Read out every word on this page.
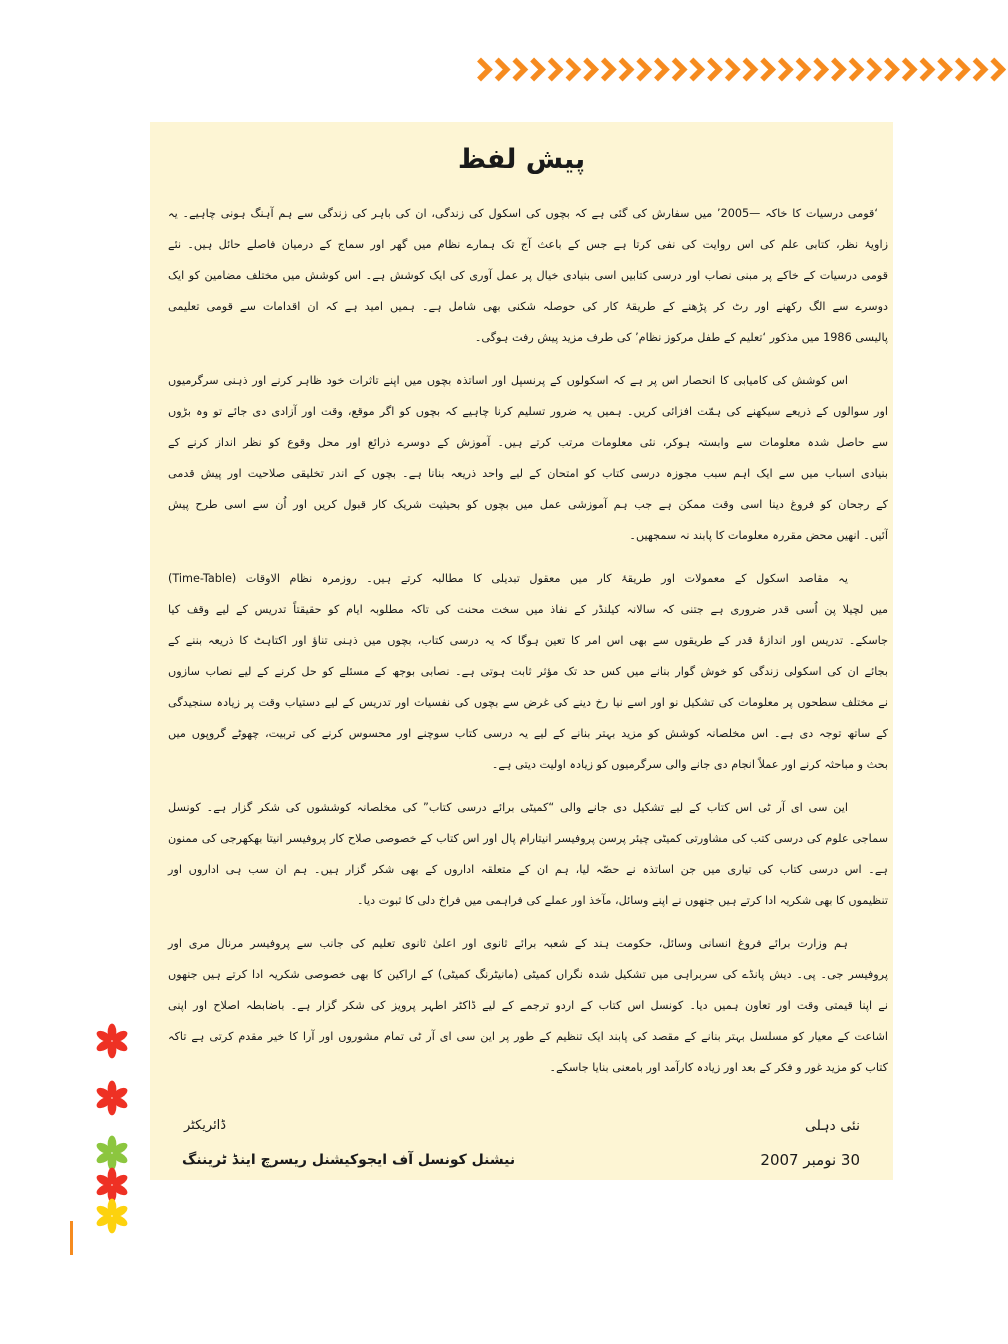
پیش لفظ
‘قومی درسیات کا خاکہ —2005’ میں سفارش کی گئی ہے کہ بچوں کی اسکول کی زندگی، ان کی باہر کی زندگی سے ہم آہنگ ہونی چاہیے۔ یہ
زاویۂ نظر، کتابی علم کی اس روایت کی نفی کرتا ہے جس کے باعث آج تک ہمارے نظام میں گھر اور سماج کے درمیان فاصلے حائل ہیں۔ نئے
قومی درسیات کے خاکے پر مبنی نصاب اور درسی کتابیں اسی بنیادی خیال پر عمل آوری کی ایک کوشش ہے۔ اس کوشش میں مختلف مضامین کو ایک
دوسرے سے الگ رکھنے اور رٹ کر پڑھنے کے طریقۂ کار کی حوصلہ شکنی بھی شامل ہے۔ ہمیں امید ہے کہ ان اقدامات سے قومی تعلیمی
پالیسی 1986 میں مذکور ‘تعلیم کے طفل مرکوز نظام’ کی طرف مزید پیش رفت ہوگی۔
اس کوشش کی کامیابی کا انحصار اس پر ہے کہ اسکولوں کے پرنسپل اور اساتذہ بچوں میں اپنے تاثرات خود ظاہر کرنے اور ذہنی سرگرمیوں
اور سوالوں کے ذریعے سیکھنے کی ہمّت افزائی کریں۔ ہمیں یہ ضرور تسلیم کرنا چاہیے کہ بچوں کو اگر موقع، وقت اور آزادی دی جائے تو وہ بڑوں
سے حاصل شدہ معلومات سے وابستہ ہوکر، نئی معلومات مرتب کرتے ہیں۔ آموزش کے دوسرے ذرائع اور محل وقوع کو نظر انداز کرنے کے
بنیادی اسباب میں سے ایک اہم سبب مجوزہ درسی کتاب کو امتحان کے لیے واحد ذریعہ بنانا ہے۔ بچوں کے اندر تخلیقی صلاحیت اور پیش قدمی
کے رجحان کو فروغ دینا اسی وقت ممکن ہے جب ہم آموزشی عمل میں بچوں کو بحیثیت شریک کار قبول کریں اور اُن سے اسی طرح پیش
آئیں۔ انھیں محض مقررہ معلومات کا پابند نہ سمجھیں۔
یہ مقاصد اسکول کے معمولات اور طریقۂ کار میں معقول تبدیلی کا مطالبہ کرتے ہیں۔ روزمرہ نظام الاوقات (Time-Table)
میں لچیلا پن اُسی قدر ضروری ہے جتنی کہ سالانہ کیلنڈر کے نفاذ میں سخت محنت کی تاکہ مطلوبہ ایام کو حقیقتاً تدریس کے لیے وقف کیا
جاسکے۔ تدریس اور اندازۂ قدر کے طریقوں سے بھی اس امر کا تعین ہوگا کہ یہ درسی کتاب، بچوں میں ذہنی تناؤ اور اکتاہٹ کا ذریعہ بننے کے
بجائے ان کی اسکولی زندگی کو خوش گوار بنانے میں کس حد تک مؤثر ثابت ہوتی ہے۔ نصابی بوجھ کے مسئلے کو حل کرنے کے لیے نصاب سازوں
نے مختلف سطحوں پر معلومات کی تشکیل نو اور اسے نیا رخ دینے کی غرض سے بچوں کی نفسیات اور تدریس کے لیے دستیاب وقت پر زیادہ سنجیدگی
کے ساتھ توجہ دی ہے۔ اس مخلصانہ کوشش کو مزید بہتر بنانے کے لیے یہ درسی کتاب سوچنے اور محسوس کرنے کی تربیت، چھوٹے گروپوں میں
بحث و مباحثہ کرنے اور عملاً انجام دی جانے والی سرگرمیوں کو زیادہ اولیت دیتی ہے۔
این سی ای آر ٹی اس کتاب کے لیے تشکیل دی جانے والی “کمیٹی برائے درسی کتاب” کی مخلصانہ کوششوں کی شکر گزار ہے۔ کونسل
سماجی علوم کی درسی کتب کی مشاورتی کمیٹی چیئر پرسن پروفیسر انیتارام پال اور اس کتاب کے خصوصی صلاح کار پروفیسر انیتا بھکھرجی کی ممنون
ہے۔ اس درسی کتاب کی تیاری میں جن اساتذہ نے حصّہ لیا، ہم ان کے متعلقہ اداروں کے بھی شکر گزار ہیں۔ ہم ان سب ہی اداروں اور
تنظیموں کا بھی شکریہ ادا کرتے ہیں جنھوں نے اپنے وسائل، مآخذ اور عملے کی فراہمی میں فراخ دلی کا ثبوت دیا۔
ہم وزارت برائے فروغ انسانی وسائل، حکومت ہند کے شعبہ برائے ثانوی اور اعلیٰ ثانوی تعلیم کی جانب سے پروفیسر مرنال مری اور
پروفیسر جی۔ پی۔ دیش پانڈے کی سربراہی میں تشکیل شدہ نگراں کمیٹی (مانیٹرنگ کمیٹی) کے اراکین کا بھی خصوصی شکریہ ادا کرتے ہیں جنھوں
نے اپنا قیمتی وقت اور تعاون ہمیں دیا۔ کونسل اس کتاب کے اردو ترجمے کے لیے ڈاکٹر اطہر پرویز کی شکر گزار ہے۔ باضابطہ اصلاح اور اپنی
اشاعت کے معیار کو مسلسل بہتر بنانے کے مقصد کی پابند ایک تنظیم کے طور پر این سی ای آر ٹی تمام مشوروں اور آرا کا خیر مقدم کرتی ہے تاکہ
کتاب کو مزید غور و فکر کے بعد اور زیادہ کارآمد اور بامعنی بنایا جاسکے۔
ڈائریکٹر
نیشنل کونسل آف ایجوکیشنل ریسرچ اینڈ ٹریننگ
نئی دہلی
30 نومبر 2007
